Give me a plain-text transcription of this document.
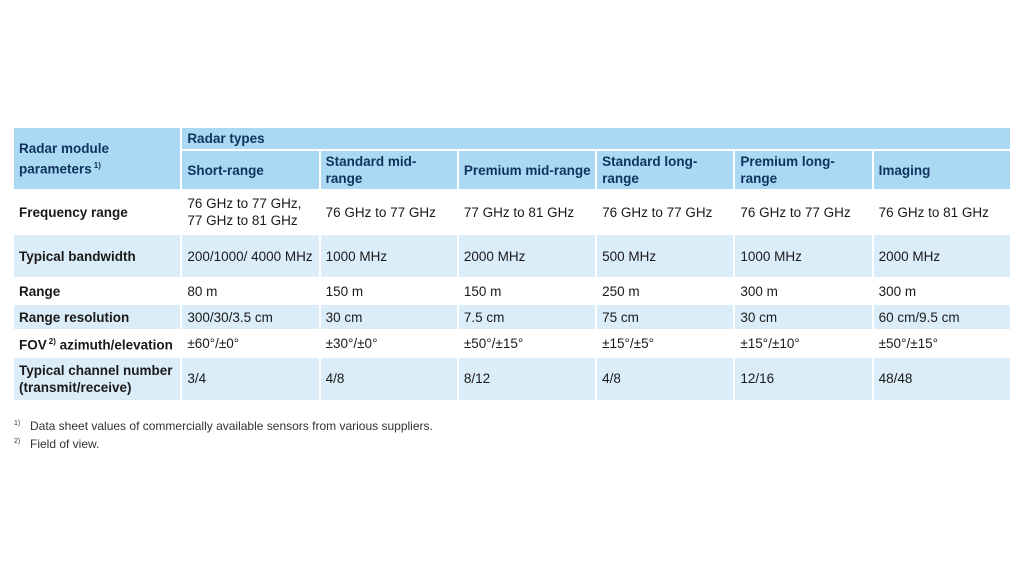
Radar module parameters $^{1)}$	Radar types					
	Short-range	Standard mid-range	Premium mid-range	Standard long-range	Premium long-range	Imaging
Frequency range	76 GHz to 77 GHz, 77 GHz to 81 GHz	76 GHz to 77 GHz	77 GHz to 81 GHz	76 GHz to 77 GHz	76 GHz to 77 GHz	76 GHz to 81 GHz
Typical bandwidth	200/1000/ 4000 MHz	1000 MHz	2000 MHz	500 MHz	1000 MHz	2000 MHz
Range	80 m	150 m	150 m	250 m	300 m	300 m
Range resolution	300/30/3.5 cm	30 cm	7.5 cm	75 cm	30 cm	60 cm/9.5 cm
FOV $^{2)}$ azimuth/elevation	±60°/±0°	±30°/±0°	±50°/±15°	±15°/±5°	±15°/±10°	±50°/±15°
Typical channel number (transmit/receive)	3/4	4/8	8/12	4/8	12/16	48/48
1) Data sheet values of commercially available sensors from various suppliers.
2) Field of view.
